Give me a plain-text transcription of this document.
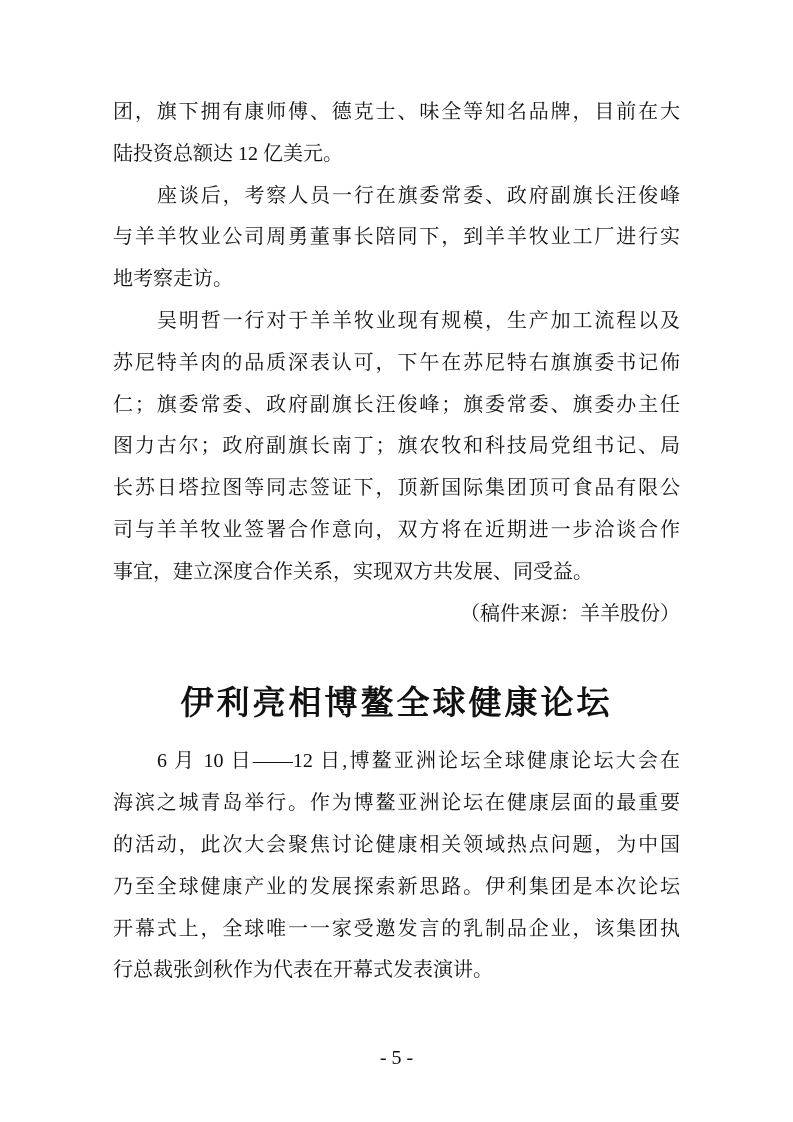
团，旗下拥有康师傅、德克士、味全等知名品牌，目前在大
陆投资总额达 12 亿美元。
座谈后，考察人员一行在旗委常委、政府副旗长汪俊峰
与羊羊牧业公司周勇董事长陪同下，到羊羊牧业工厂进行实
地考察走访。
吴明哲一行对于羊羊牧业现有规模，生产加工流程以及
苏尼特羊肉的品质深表认可，下午在苏尼特右旗旗委书记佈
仁；旗委常委、政府副旗长汪俊峰；旗委常委、旗委办主任
图力古尔；政府副旗长南丁；旗农牧和科技局党组书记、局
长苏日塔拉图等同志签证下，顶新国际集团顶可食品有限公
司与羊羊牧业签署合作意向，双方将在近期进一步洽谈合作
事宜，建立深度合作关系，实现双方共发展、同受益。
（稿件来源：羊羊股份）
伊利亮相博鳌全球健康论坛
6 月 10 日——12 日,博鳌亚洲论坛全球健康论坛大会在
海滨之城青岛举行。作为博鳌亚洲论坛在健康层面的最重要
的活动，此次大会聚焦讨论健康相关领域热点问题，为中国
乃至全球健康产业的发展探索新思路。伊利集团是本次论坛
开幕式上，全球唯一一家受邀发言的乳制品企业，该集团执
行总裁张剑秋作为代表在开幕式发表演讲。
- 5 -
